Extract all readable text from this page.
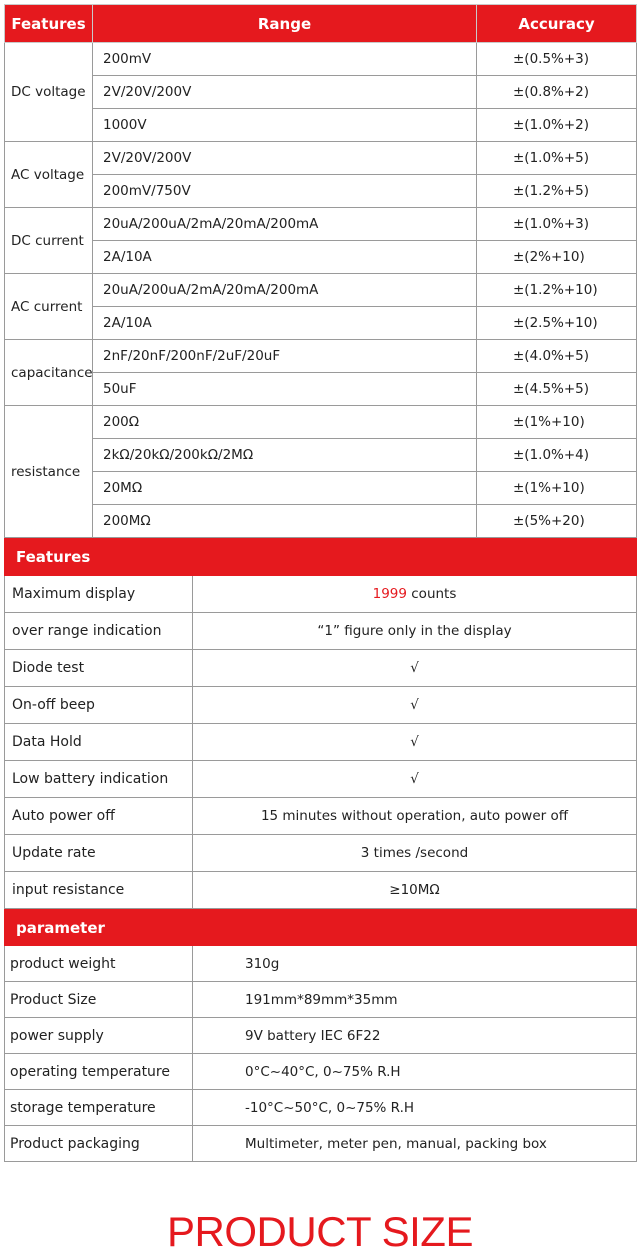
Features	Range	Accuracy
DC voltage	200mV	±(0.5%+3)
	2V/20V/200V	±(0.8%+2)
	1000V	±(1.0%+2)
AC voltage	2V/20V/200V	±(1.0%+5)
	200mV/750V	±(1.2%+5)
DC current	20uA/200uA/2mA/20mA/200mA	±(1.0%+3)
	2A/10A	±(2%+10)
AC current	20uA/200uA/2mA/20mA/200mA	±(1.2%+10)
	2A/10A	±(2.5%+10)
capacitance	2nF/20nF/200nF/2uF/20uF	±(4.0%+5)
	50uF	±(4.5%+5)
resistance	200Ω	±(1%+10)
	2kΩ/20kΩ/200kΩ/2MΩ	±(1.0%+4)
	20MΩ	±(1%+10)
	200MΩ	±(5%+20)
Features	
Maximum display	1999 counts
over range indication	“1” figure only in the display
Diode test	√
On-off beep	√
Data Hold	√
Low battery indication	√
Auto power off	15 minutes without operation, auto power off
Update rate	3 times /second
input resistance	≥10MΩ
parameter	
product weight	310g
Product Size	191mm*89mm*35mm
power supply	9V battery IEC 6F22
operating temperature	0°C~40°C, 0~75% R.H
storage temperature	-10°C~50°C, 0~75% R.H
Product packaging	Multimeter, meter pen, manual, packing box
PRODUCT SIZE
